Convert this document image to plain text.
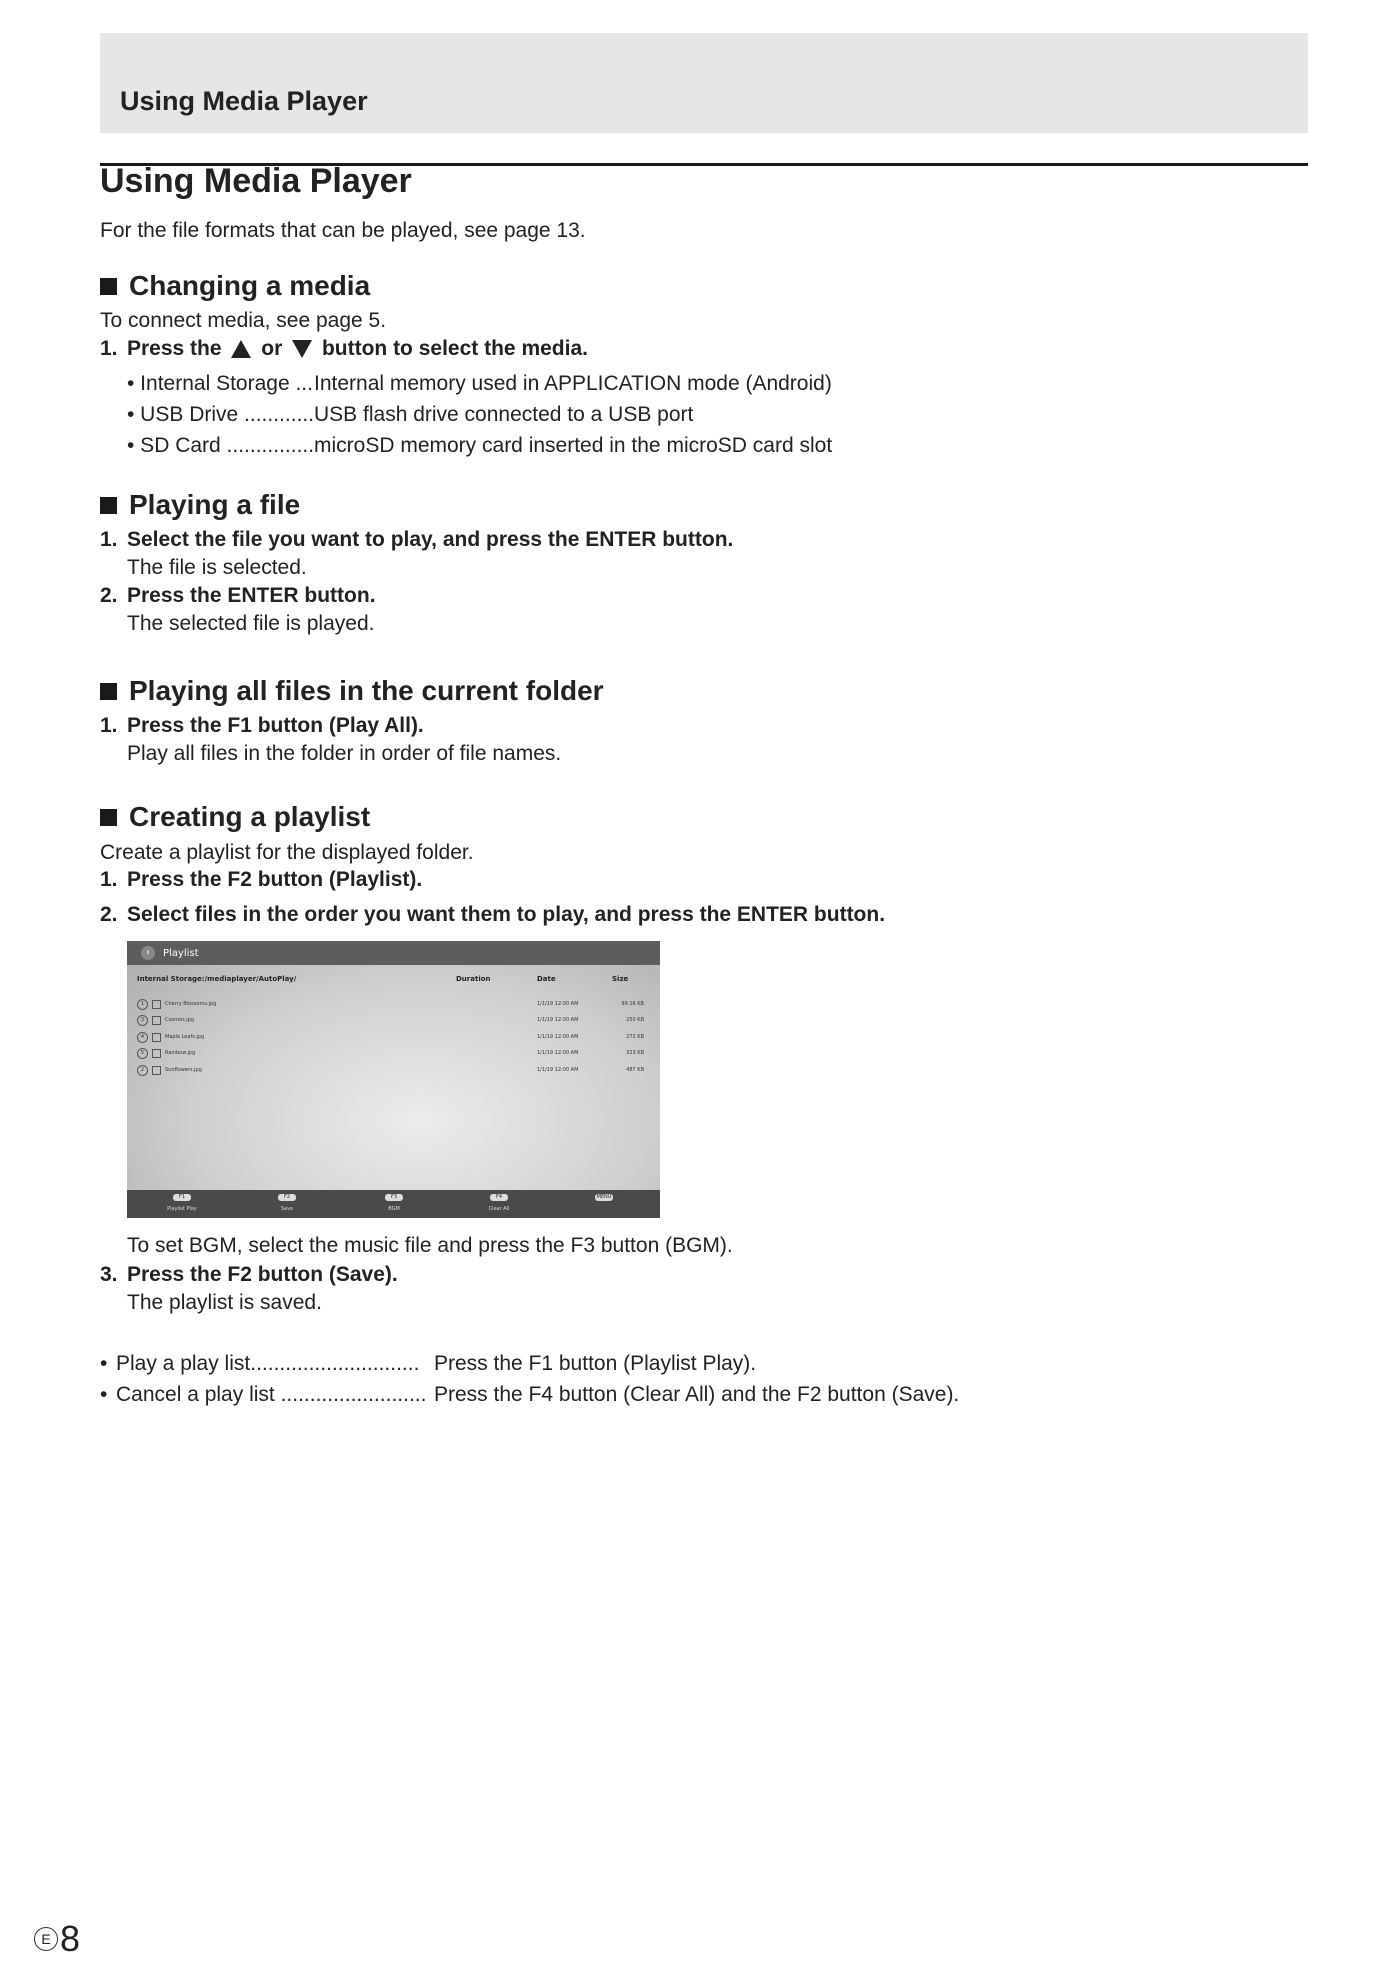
Using Media Player
Using Media Player
For the file formats that can be played, see page 13.
Changing a media
To connect media, see page 5.
1. Press the or button to select the media.
• Internal Storage ... Internal memory used in APPLICATION mode (Android)
• USB Drive ............ USB flash drive connected to a USB port
• SD Card ............... microSD memory card inserted in the microSD card slot
Playing a file
1. Select the file you want to play, and press the ENTER button.
The file is selected.
2. Press the ENTER button.
The selected file is played.
Playing all files in the current folder
1. Press the F1 button (Play All).
Play all files in the folder in order of file names.
Creating a playlist
Create a playlist for the displayed folder.
1. Press the F2 button (Playlist).
2. Select files in the order you want them to play, and press the ENTER button.
‹	Playlist
Internal Storage:/mediaplayer/AutoPlay/	Duration	Date	Size
1	Cherry Blossoms.jpg	1/1/19 12:00 AM	99.16 KB
3	Cosmos.jpg	1/1/19 12:00 AM	250 KB
4	Maple Leafs.jpg	1/1/19 12:00 AM	272 KB
5	Rainbow.jpg	1/1/19 12:00 AM	323 KB
2	Sunflowers.jpg	1/1/19 12:00 AM	487 KB
F1
Playlist Play
F2
Save
F3
BGM
F4
Clear All
MENU
To set BGM, select the music file and press the F3 button (BGM).
3. Press the F2 button (Save).
The playlist is saved.
• Play a play list............................. Press the F1 button (Playlist Play).
• Cancel a play list ......................... Press the F4 button (Clear All) and the F2 button (Save).
E 8
